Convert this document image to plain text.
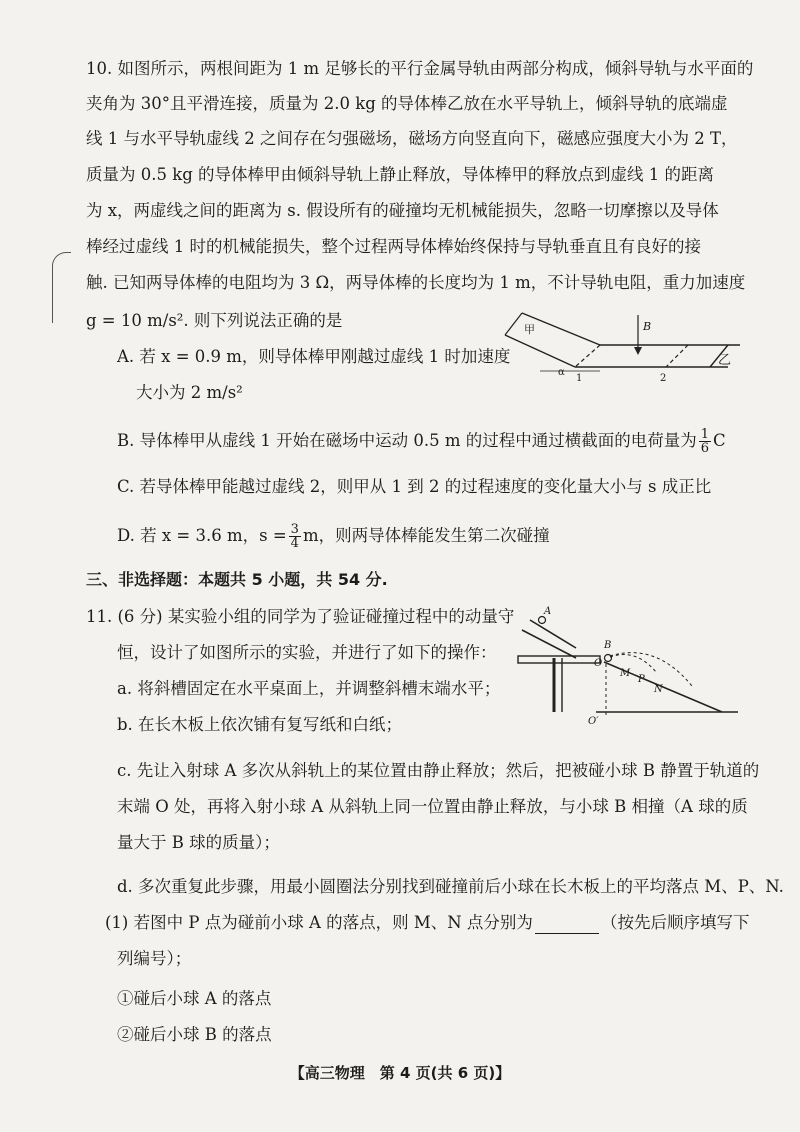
10. 如图所示，两根间距为 1 m 足够长的平行金属导轨由两部分构成，倾斜导轨与水平面的
夹角为 30°且平滑连接，质量为 2.0 kg 的导体棒乙放在水平导轨上，倾斜导轨的底端虚
线 1 与水平导轨虚线 2 之间存在匀强磁场，磁场方向竖直向下，磁感应强度大小为 2 T，
质量为 0.5 kg 的导体棒甲由倾斜导轨上静止释放，导体棒甲的释放点到虚线 1 的距离
为 x，两虚线之间的距离为 s. 假设所有的碰撞均无机械能损失，忽略一切摩擦以及导体
棒经过虚线 1 时的机械能损失，整个过程两导体棒始终保持与导轨垂直且有良好的接
触. 已知两导体棒的电阻均为 3 Ω，两导体棒的长度均为 1 m，不计导轨电阻，重力加速度
g = 10 m/s². 则下列说法正确的是
A. 若 x = 0.9 m，则导体棒甲刚越过虚线 1 时加速度
大小为 2 m/s²
B. 导体棒甲从虚线 1 开始在磁场中运动 0.5 m 的过程中通过横截面的电荷量为 $\frac{1}{6}$ C
C. 若导体棒甲能越过虚线 2，则甲从 1 到 2 的过程速度的变化量大小与 s 成正比
D. 若 x = 3.6 m，$s = \frac{3}{4}$ m，则两导体棒能发生第二次碰撞
甲
乙
B
α
1	2
三、非选择题：本题共 5 小题，共 54 分.
11. (6 分) 某实验小组的同学为了验证碰撞过程中的动量守
恒，设计了如图所示的实验，并进行了如下的操作：
a. 将斜槽固定在水平桌面上，并调整斜槽末端水平；
b. 在长木板上依次铺有复写纸和白纸；
c. 先让入射球 A 多次从斜轨上的某位置由静止释放；然后，把被碰小球 B 静置于轨道的
末端 O 处，再将入射小球 A 从斜轨上同一位置由静止释放，与小球 B 相撞（A 球的质
量大于 B 球的质量）；
d. 多次重复此步骤，用最小圆圈法分别找到碰撞前后小球在长木板上的平均落点 M、P、N.
(1) 若图中 P 点为碰前小球 A 的落点，则 M、N 点分别为	（按先后顺序填写下
列编号）；
①碰后小球 A 的落点
②碰后小球 B 的落点
A
B
O
M
P
N
O′
【高三物理　第 4 页(共 6 页)】
